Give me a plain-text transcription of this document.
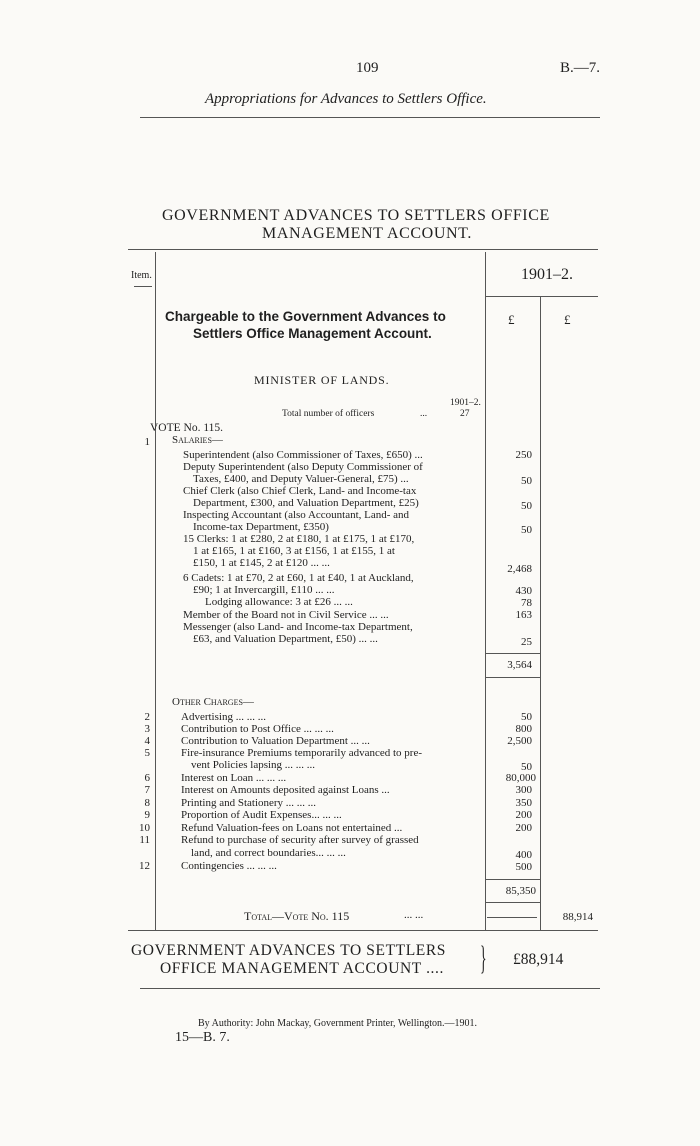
109	B.—7.
Appropriations for Advances to Settlers Office.
GOVERNMENT ADVANCES TO SETTLERS OFFICE
MANAGEMENT ACCOUNT.
Item.	1901–2.
£	£
Chargeable to the Government Advances to
Settlers Office Management Account.
MINISTER OF LANDS.
1901–2.
Total number of officers	...	27
VOTE No. 115.
1 Salaries—
Superintendent (also Commissioner of Taxes, £650) ...	250
Deputy Superintendent (also Deputy Commissioner of
Taxes, £400, and Deputy Valuer-General, £75) ...	50
Chief Clerk (also Chief Clerk, Land- and Income-tax
Department, £300, and Valuation Department, £25)	50
Inspecting Accountant (also Accountant, Land- and
Income-tax Department, £350)	50
15 Clerks: 1 at £280, 2 at £180, 1 at £175, 1 at £170,
1 at £165, 1 at £160, 3 at £156, 1 at £155, 1 at
£150, 1 at £145, 2 at £120 ... ...	2,468
6 Cadets: 1 at £70, 2 at £60, 1 at £40, 1 at Auckland,
£90; 1 at Invercargill, £110 ... ...	430
Lodging allowance: 3 at £26 ... ...	78
Member of the Board not in Civil Service ... ...	163
Messenger (also Land- and Income-tax Department,
£63, and Valuation Department, £50) ... ...	25
3,564
Other Charges—
2	Advertising ... ... ...	50
3	Contribution to Post Office ... ... ...	800
4	Contribution to Valuation Department ... ...	2,500
5	Fire-insurance Premiums temporarily advanced to pre-
vent Policies lapsing ... ... ...	50
6	Interest on Loan ... ... ...	80,000
7	Interest on Amounts deposited against Loans ...	300
8	Printing and Stationery ... ... ...	350
9	Proportion of Audit Expenses... ... ...	200
10	Refund Valuation-fees on Loans not entertained ...	200
11	Refund to purchase of security after survey of grassed
land, and correct boundaries... ... ...	400
12	Contingencies ... ... ...	500
85,350
Total—Vote No. 115	... ...	88,914
GOVERNMENT ADVANCES TO SETTLERS
OFFICE MANAGEMENT ACCOUNT .... } £88,914
By Authority: John Mackay, Government Printer, Wellington.—1901.
15—B. 7.
